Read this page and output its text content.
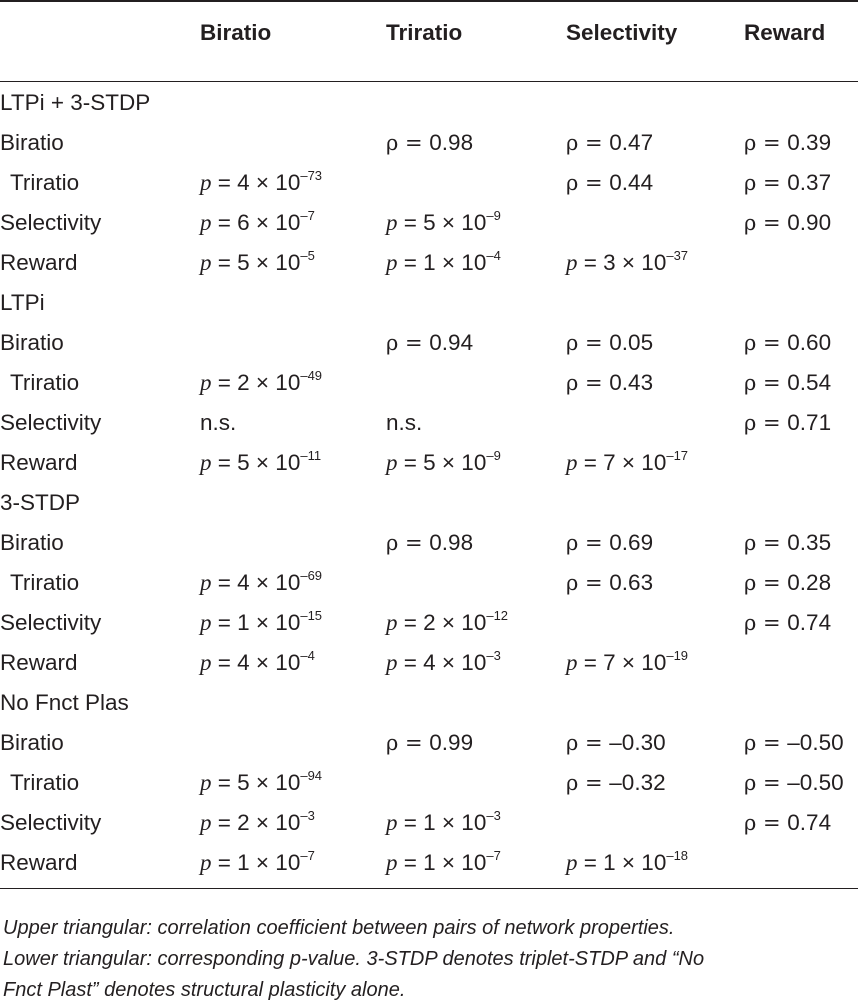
	Biratio	Triratio	Selectivity	Reward

LTPi + 3-STDP				
Biratio		ρ = 0.98	ρ = 0.47	ρ = 0.39
Triratio	$p = 4 \times 10^{-73}$		ρ = 0.44	ρ = 0.37
Selectivity	$p = 6 \times 10^{-7}$	$p = 5 \times 10^{-9}$		ρ = 0.90
Reward	$p = 5 \times 10^{-5}$	$p = 1 \times 10^{-4}$	$p = 3 \times 10^{-37}$	
LTPi				
Biratio		ρ = 0.94	ρ = 0.05	ρ = 0.60
Triratio	$p = 2 \times 10^{-49}$		ρ = 0.43	ρ = 0.54
Selectivity	n.s.	n.s.		ρ = 0.71
Reward	$p = 5 \times 10^{-11}$	$p = 5 \times 10^{-9}$	$p = 7 \times 10^{-17}$	
3-STDP				
Biratio		ρ = 0.98	ρ = 0.69	ρ = 0.35
Triratio	$p = 4 \times 10^{-69}$		ρ = 0.63	ρ = 0.28
Selectivity	$p = 1 \times 10^{-15}$	$p = 2 \times 10^{-12}$		ρ = 0.74
Reward	$p = 4 \times 10^{-4}$	$p = 4 \times 10^{-3}$	$p = 7 \times 10^{-19}$	
No Fnct Plas				
Biratio		ρ = 0.99	ρ = –0.30	ρ = –0.50
Triratio	$p = 5 \times 10^{-94}$		ρ = –0.32	ρ = –0.50
Selectivity	$p = 2 \times 10^{-3}$	$p = 1 \times 10^{-3}$		ρ = 0.74
Reward	$p = 1 \times 10^{-7}$	$p = 1 \times 10^{-7}$	$p = 1 \times 10^{-18}$	
Upper triangular: correlation coefficient between pairs of network properties.
Lower triangular: corresponding p-value. 3-STDP denotes triplet-STDP and “No
Fnct Plast” denotes structural plasticity alone.
